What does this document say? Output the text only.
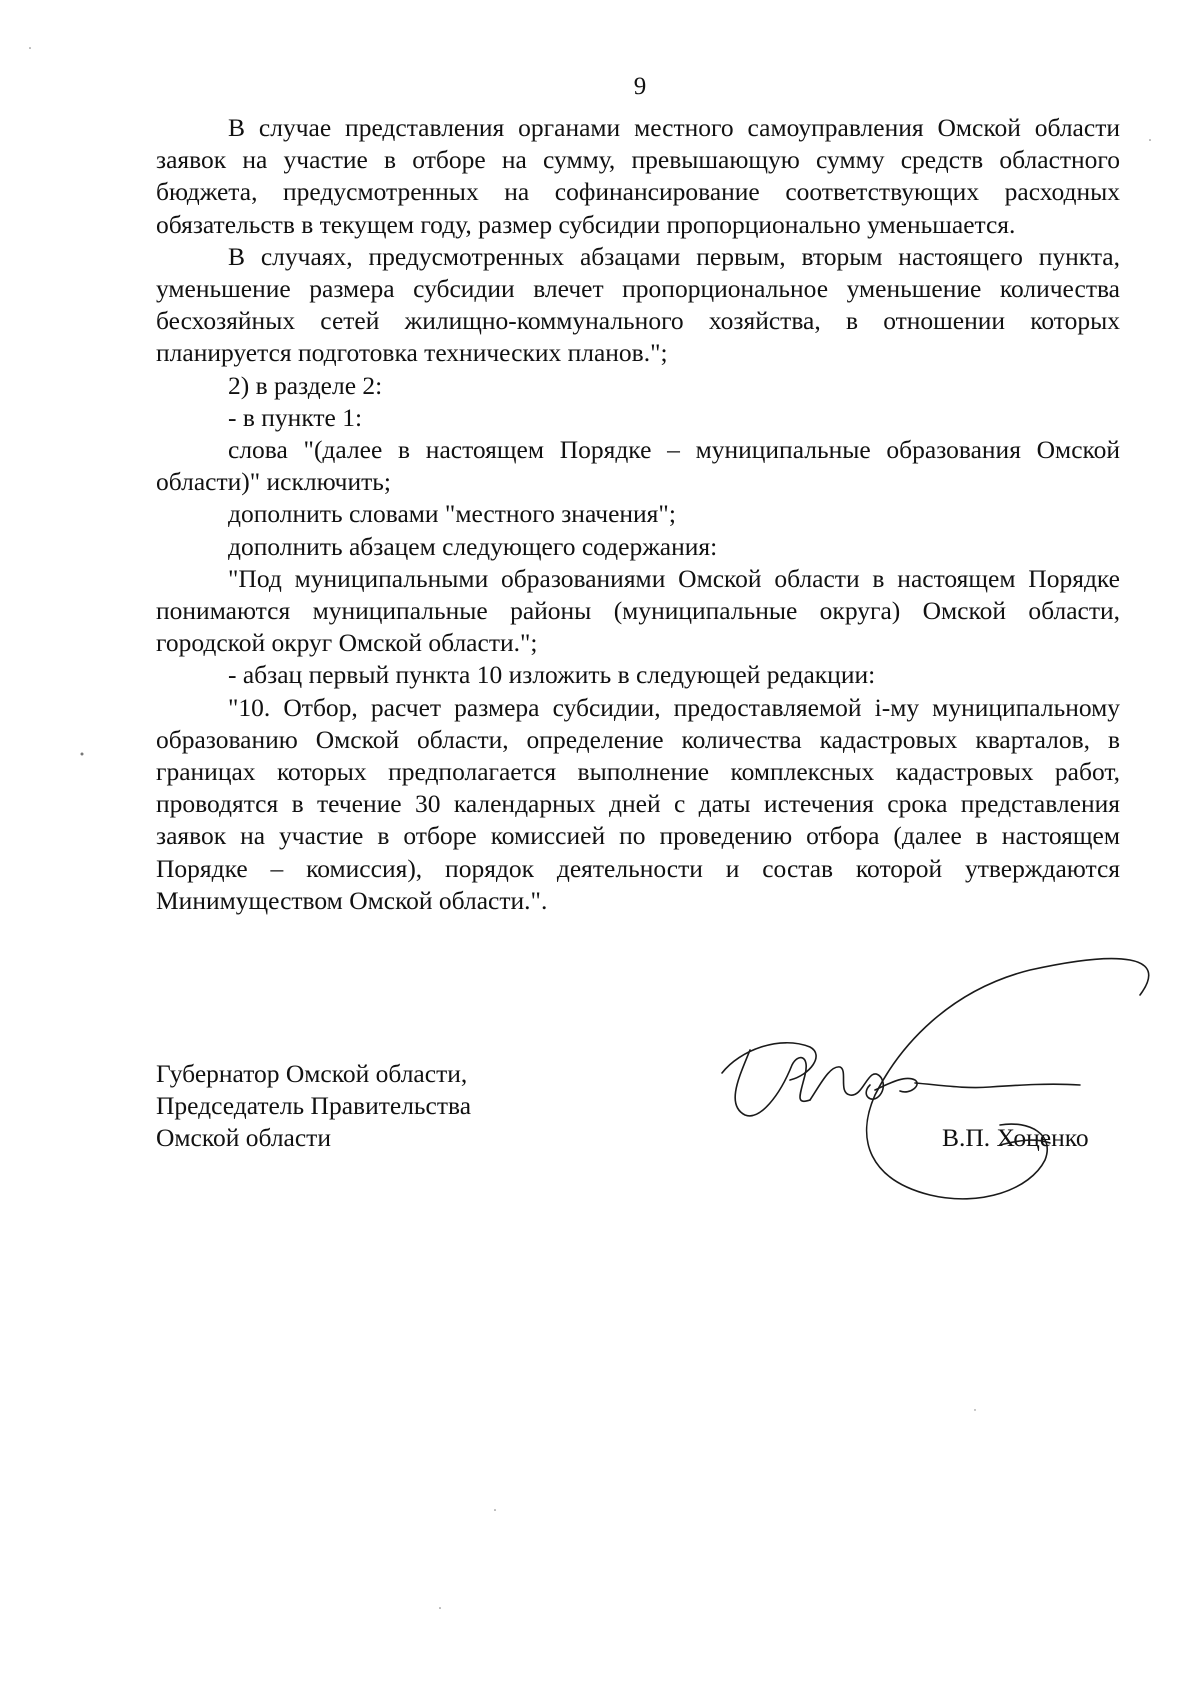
9

В случае представления органами местного самоуправления Омской области заявок на участие в отборе на сумму, превышающую сумму средств областного бюджета, предусмотренных на софинансирование соответствующих расходных обязательств в текущем году, размер субсидии пропорционально уменьшается.

В случаях, предусмотренных абзацами первым, вторым настоящего пункта, уменьшение размера субсидии влечет пропорциональное уменьшение количества бесхозяйных сетей жилищно-коммунального хозяйства, в отношении которых планируется подготовка технических планов.";

2) в разделе 2:

- в пункте 1:

слова "(далее в настоящем Порядке – муниципальные образования Омской области)" исключить;

дополнить словами "местного значения";

дополнить абзацем следующего содержания:

"Под муниципальными образованиями Омской области в настоящем Порядке понимаются муниципальные районы (муниципальные округа) Омской области, городской округ Омской области.";

- абзац первый пункта 10 изложить в следующей редакции:

"10. Отбор, расчет размера субсидии, предоставляемой i-му муниципальному образованию Омской области, определение количества кадастровых кварталов, в границах которых предполагается выполнение комплексных кадастровых работ, проводятся в течение 30 календарных дней с даты истечения срока представления заявок на участие в отборе комиссией по проведению отбора (далее в настоящем Порядке – комиссия), порядок деятельности и состав которой утверждаются Минимуществом Омской области.".

Губернатор Омской области,
Председатель Правительства
Омской области	В.П. Хоценко
